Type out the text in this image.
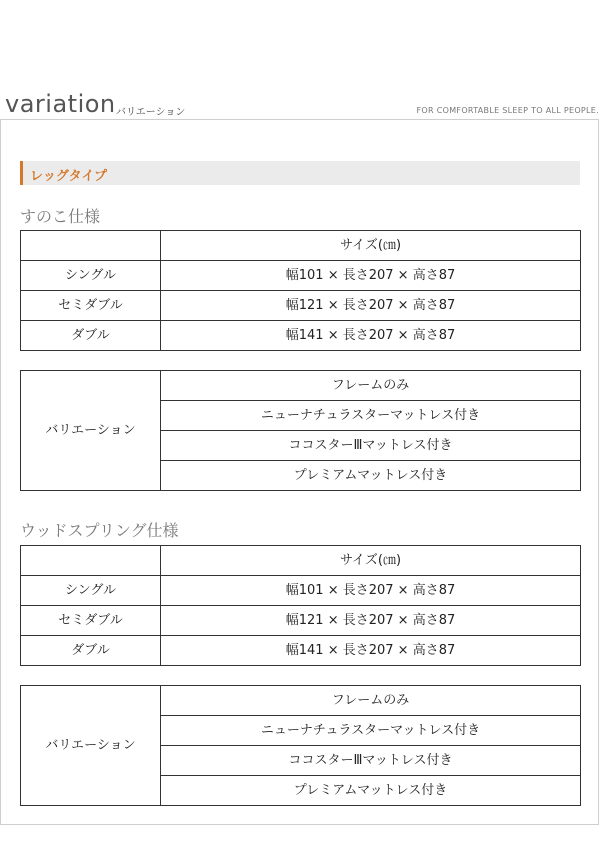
variation バリエーション	FOR COMFORTABLE SLEEP TO ALL PEOPLE.
レッグタイプ
すのこ仕様
	サイズ(㎝)
シングル	幅101 × 長さ207 × 高さ87
セミダブル	幅121 × 長さ207 × 高さ87
ダブル	幅141 × 長さ207 × 高さ87
バリエーション	フレームのみ
ニューナチュラスターマットレス付き
ココスターⅢマットレス付き
プレミアムマットレス付き
ウッドスプリング仕様
	サイズ(㎝)
シングル	幅101 × 長さ207 × 高さ87
セミダブル	幅121 × 長さ207 × 高さ87
ダブル	幅141 × 長さ207 × 高さ87
バリエーション	フレームのみ
ニューナチュラスターマットレス付き
ココスターⅢマットレス付き
プレミアムマットレス付き
